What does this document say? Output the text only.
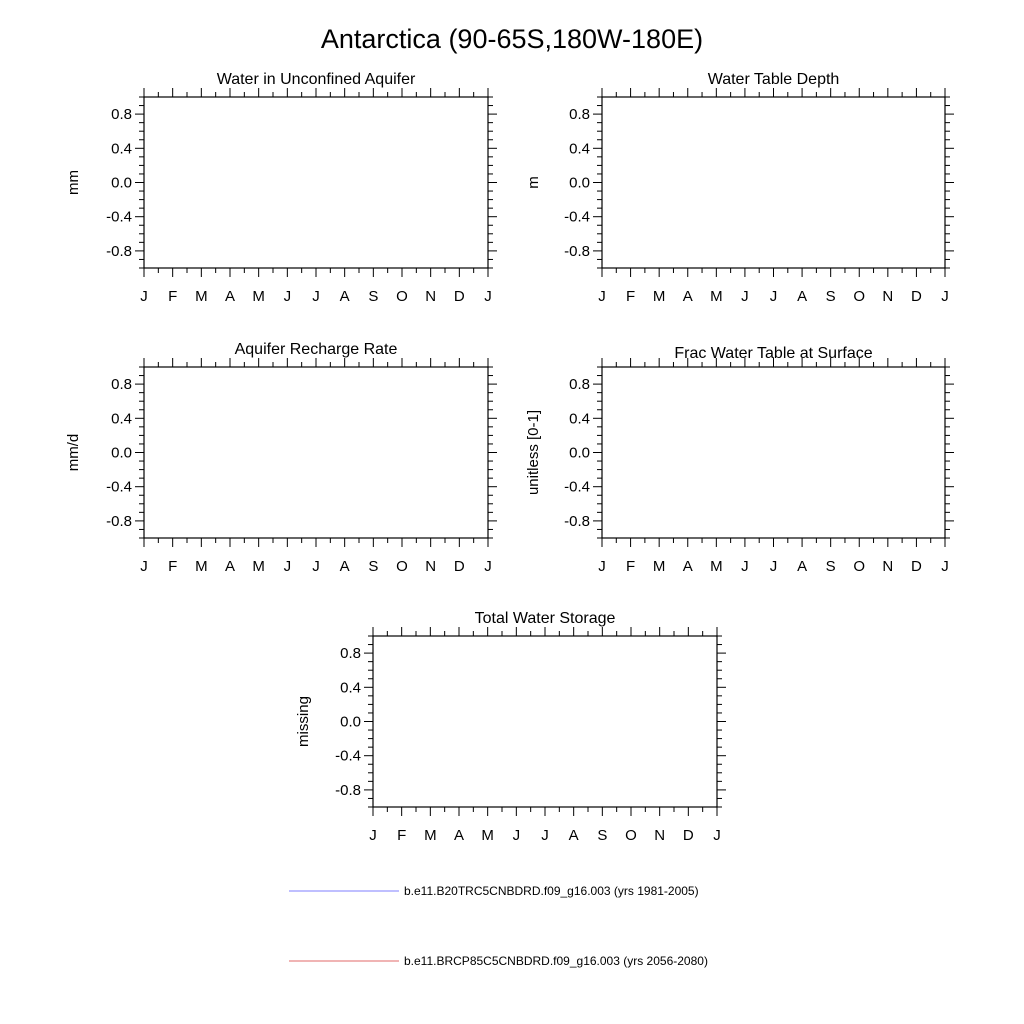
Antarctica (90-65S,180W-180E)
Water in Unconfined Aquifer
J F M A M J J A S O N D J
0.8
0.4
0.0
-0.4
-0.8
mm
Water Table Depth
J F M A M J J A S O N D J
0.8
0.4
0.0
-0.4
-0.8
m
Aquifer Recharge Rate
J F M A M J J A S O N D J
0.8
0.4
0.0
-0.4
-0.8
mm/d
Frac Water Table at Surface
J F M A M J J A S O N D J
0.8
0.4
0.0
-0.4
-0.8
unitless [0-1]
Total Water Storage
J F M A M J J A S O N D J
0.8
0.4
0.0
-0.4
-0.8
missing
b.e11.B20TRC5CNBDRD.f09_g16.003 (yrs 1981-2005)
b.e11.BRCP85C5CNBDRD.f09_g16.003 (yrs 2056-2080)
